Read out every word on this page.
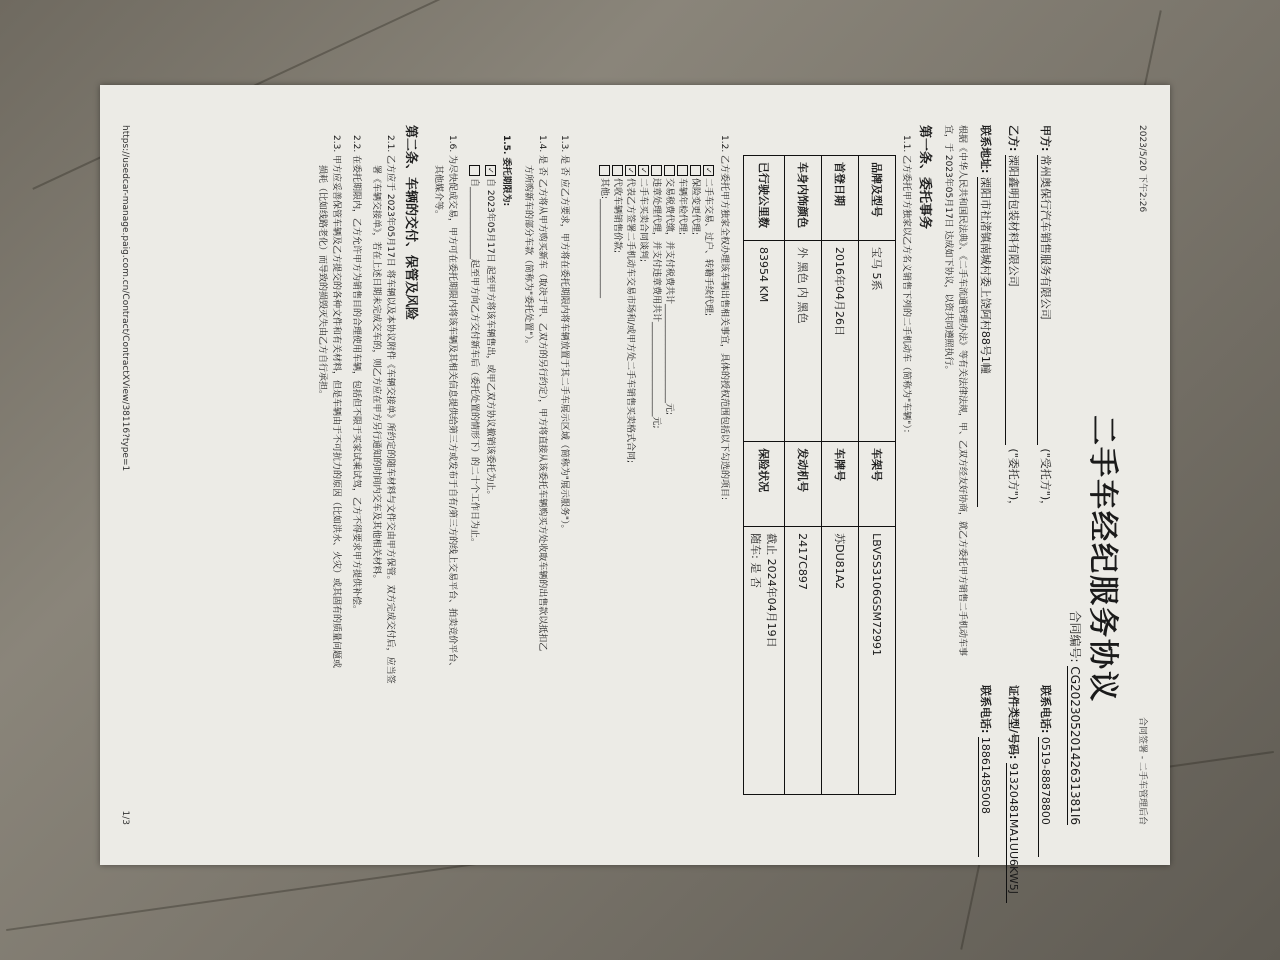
2023/5/20 下午2:26
合同签署 - 二手车管理后台
二手车经纪服务协议
合同编号: CG20230520142631381I6
甲方: 常州奥保行汽车销售服务有限公司 ("受托方")，
联系电话: 0519-88878800
乙方: 溧阳鑫明包装材料有限公司 ("委托方")，
证件类型/号码: 91320481MA1UU6KW5J
联系地址: 溧阳市社渚镇南城村委上饶阿村88号1幢
联系电话: 18861485008
根据《中华人民共和国民法典》、《二手车流通管理办法》等有关法律法规，甲、乙双方经友好协商，就乙方委托甲方销售二手机动车事
宜，于 2023年05月17日 达成如下协议，以资共同遵照执行。
第一条、委托事务
1.1. 乙方委托甲方独家以乙方名义销售下列的二手机动车（简称为"车辆"）：
品牌及型号	宝马 5系	车架号	LBV5S3106GSM72991
首登日期	2016年04月26日	车牌号	苏DU81A2
车身内饰颜色	外 黑色 内 黑色	发动机号	2417C897
已行驶公里数	83954 KM	保险状况	截止 2024年04月19日
随车: 是 否
1.2. 乙方委托甲方独家全权办理该车辆出售相关事宜，具体的授权范围包括以下勾选的项目:
✓二手车交易、过户、转籍手续代理;
保险变更代理;
车辆年检代理;
交易税费代缴，并支付税费共计______________________元;
违章处理代理，并支付违章费用共计_____________________元;
✓二手车买卖合同谈判;
✓代表乙方签署二手机动车交易市场和/或甲方处二手车销售买卖格式合同;
代收车辆销售价款;
其他:______________________
1.3. 是 否 应乙方要求，甲方将在委托期限内将车辆放置于其二手车展示区域（简称为"展示服务"）。
1.4. 是 否 乙方将从甲方购买新车（取决于甲、乙双方的另行约定），甲方将直接从该委托车辆购买方处收取车辆的出售款以抵扣乙
方所购新车的部分车款（简称为"委托处置"）。
1.5. 委托期限为:
✓自 2023年05月17日 起至甲方将该车辆售出，或甲乙双方协议撤销该委托为止。
自________________起至甲方向乙方交付新车后（委托处置的情形下）的二十个工作日为止。
1.6. 为尽快促成交易，甲方可在委托期限内将该车辆及其相关信息提供给第三方或发布于自有/第三方的线上交易平台、拍卖竞价平台、
其他媒介等。
第二条、车辆的交付、保管及风险
2.1. 乙方应于 2023年05月17日 将车辆以及本协议附件《车辆交接单》所约定的随车材料与文件交由甲方保管。双方完成交付后，应当签
署《车辆交接单》，若在上述日期未完成交车的，则乙方应在甲方另行通知的时间内交车及其他相关材料。
2.2. 在委托期限内，乙方允许甲方为销售目的合理使用车辆，包括但不限于买家试乘试驾，乙方不得要求甲方提供补偿。
2.3. 甲方应妥善保管车辆及乙方提交的各种文件和有关材料，但是车辆由于不可抗力的原因（比如洪水、火灾）或其固有的质量问题或
损耗（比如线路老化）而导致的损毁灭失由乙方自行承担。
https://usedcar-manage.paig.com.cn/Contract/ContractXView/38116?type=1
1/3
